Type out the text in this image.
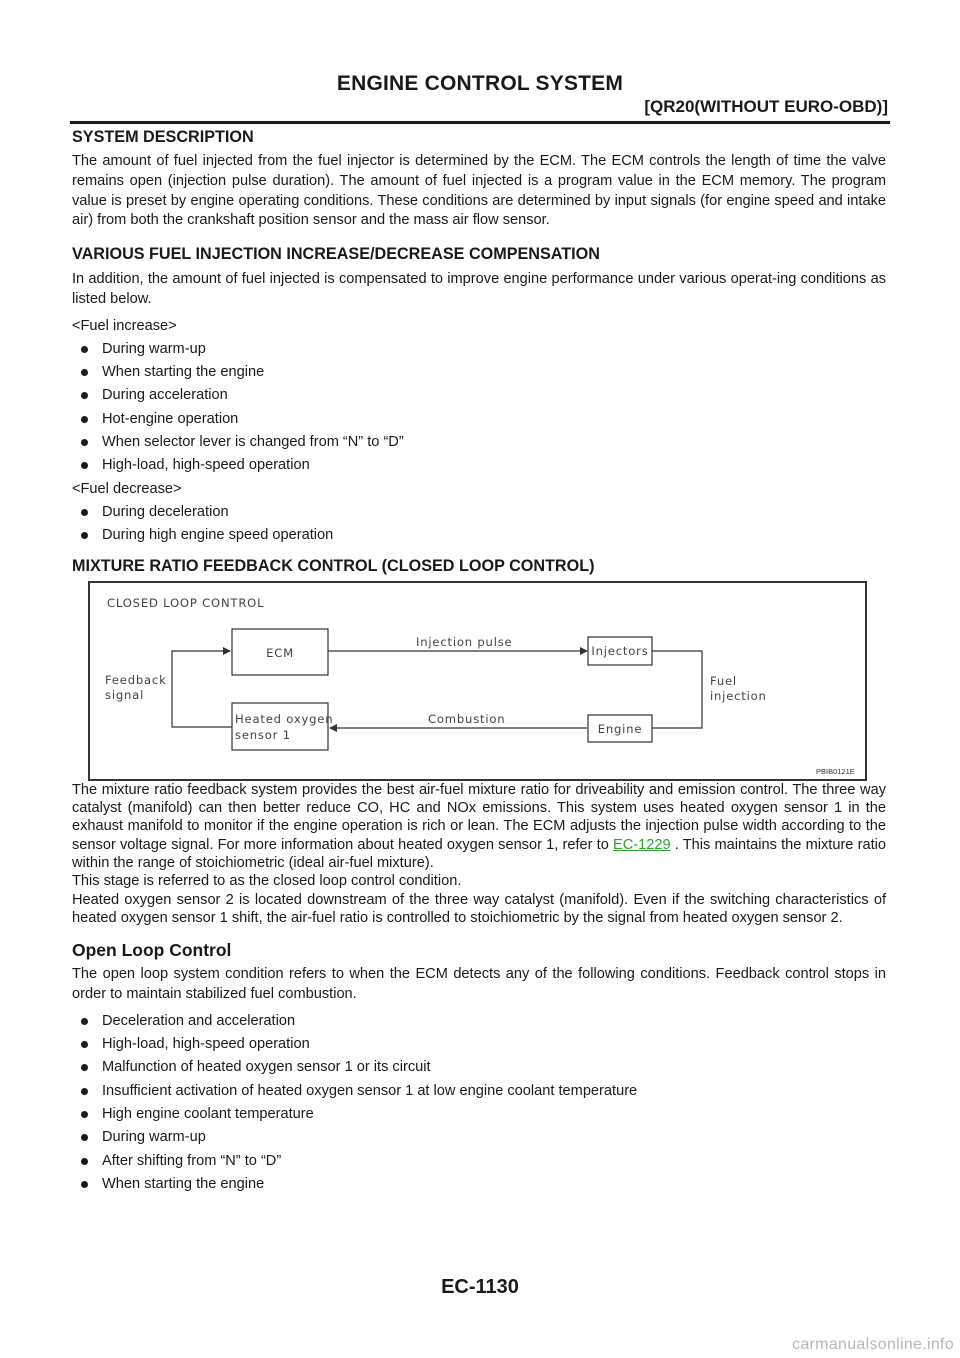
ENGINE CONTROL SYSTEM
[QR20(WITHOUT EURO-OBD)]
SYSTEM DESCRIPTION

The amount of fuel injected from the fuel injector is determined by the ECM. The ECM controls the length of time the valve remains open (injection pulse duration). The amount of fuel injected is a program value in the ECM memory. The program value is preset by engine operating conditions. These conditions are determined by input signals (for engine speed and intake air) from both the crankshaft position sensor and the mass air flow sensor.

VARIOUS FUEL INJECTION INCREASE/DECREASE COMPENSATION

In addition, the amount of fuel injected is compensated to improve engine performance under various operat-ing conditions as listed below.

<Fuel increase>
During warm-up
When starting the engine
During acceleration
Hot-engine operation
When selector lever is changed from “N” to “D”
High-load, high-speed operation
<Fuel decrease>
During deceleration
During high engine speed operation
MIXTURE RATIO FEEDBACK CONTROL (CLOSED LOOP CONTROL)
CLOSED LOOP CONTROL
ECM	Injectors
Heated oxygen
sensor 1	Engine
Injection pulse
Combustion
Feedback
signal
Fuel
injection
PBIB0121E

The mixture ratio feedback system provides the best air-fuel mixture ratio for driveability and emission control. The three way catalyst (manifold) can then better reduce CO, HC and NOx emissions. This system uses heated oxygen sensor 1 in the exhaust manifold to monitor if the engine operation is rich or lean. The ECM adjusts the injection pulse width according to the sensor voltage signal. For more information about heated oxygen sensor 1, refer to EC-1229 . This maintains the mixture ratio within the range of stoichiometric (ideal air-fuel mixture).

This stage is referred to as the closed loop control condition.

Heated oxygen sensor 2 is located downstream of the three way catalyst (manifold). Even if the switching characteristics of heated oxygen sensor 1 shift, the air-fuel ratio is controlled to stoichiometric by the signal from heated oxygen sensor 2.

Open Loop Control

The open loop system condition refers to when the ECM detects any of the following conditions. Feedback control stops in order to maintain stabilized fuel combustion.

Deceleration and acceleration
High-load, high-speed operation
Malfunction of heated oxygen sensor 1 or its circuit
Insufficient activation of heated oxygen sensor 1 at low engine coolant temperature
High engine coolant temperature
During warm-up
After shifting from “N” to “D”
When starting the engine
EC-1130
carmanualsonline.info
